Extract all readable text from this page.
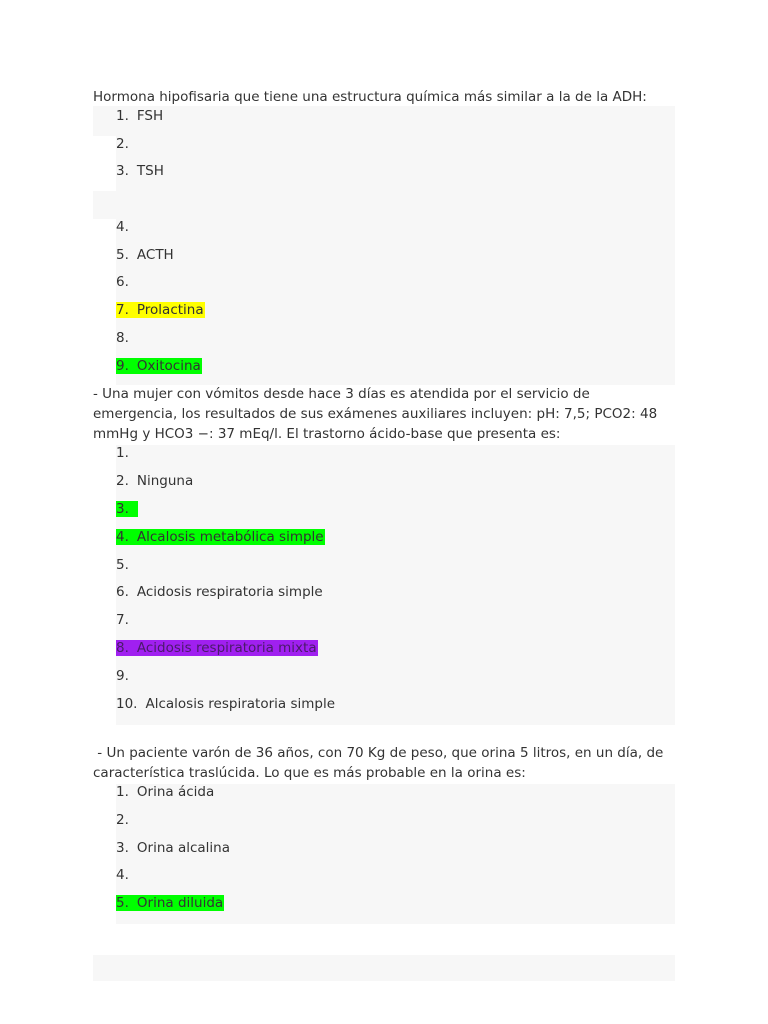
Hormona hipofisaria que tiene una estructura química más similar a la de la ADH:

1. FSH
2.
3. TSH
4.
5. ACTH
6.
7. Prolactina
8.
9. Oxitocina

- Una mujer con vómitos desde hace 3 días es atendida por el servicio de emergencia, los resultados de sus exámenes auxiliares incluyen: pH: 7,5; PCO2: 48 mmHg y HCO3 −: 37 mEq/l. El trastorno ácido-base que presenta es:

1.
2. Ninguna
3.
4. Alcalosis metabólica simple
5.
6. Acidosis respiratoria simple
7.
8. Acidosis respiratoria mixta
9.
10. Alcalosis respiratoria simple

- Un paciente varón de 36 años, con 70 Kg de peso, que orina 5 litros, en un día, de característica traslúcida. Lo que es más probable en la orina es:

1. Orina ácida
2.
3. Orina alcalina
4.
5. Orina diluida
